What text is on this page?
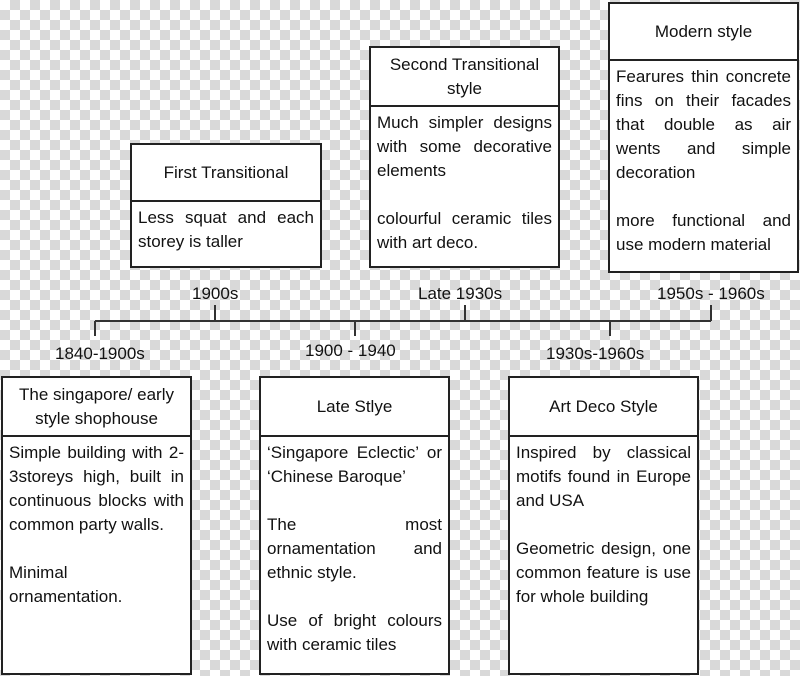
1900s	Late 1930s	1950s - 1960s
1840-1900s	1900 - 1940	1930s-1960s
First Transitional

Less squat and each storey is taller

Second Transitional style

Much simpler designs with some decorative elements

colourful ceramic tiles with art deco.

Modern style

Fearures thin concrete fins on their facades that double as air wents and simple decoration

more functional and use modern material

The singapore/ early style shophouse

Simple building with 2-3storeys high, built in continuous blocks with common party walls.

Minimal ornamentation.

Late Stlye

‘Singapore Eclectic’ or ‘Chinese Baroque’

The most ornamentation and ethnic style.

Use of bright colours with ceramic tiles

Art Deco Style

Inspired by classical motifs found in Europe and USA

Geometric design, one common feature is use for whole building
